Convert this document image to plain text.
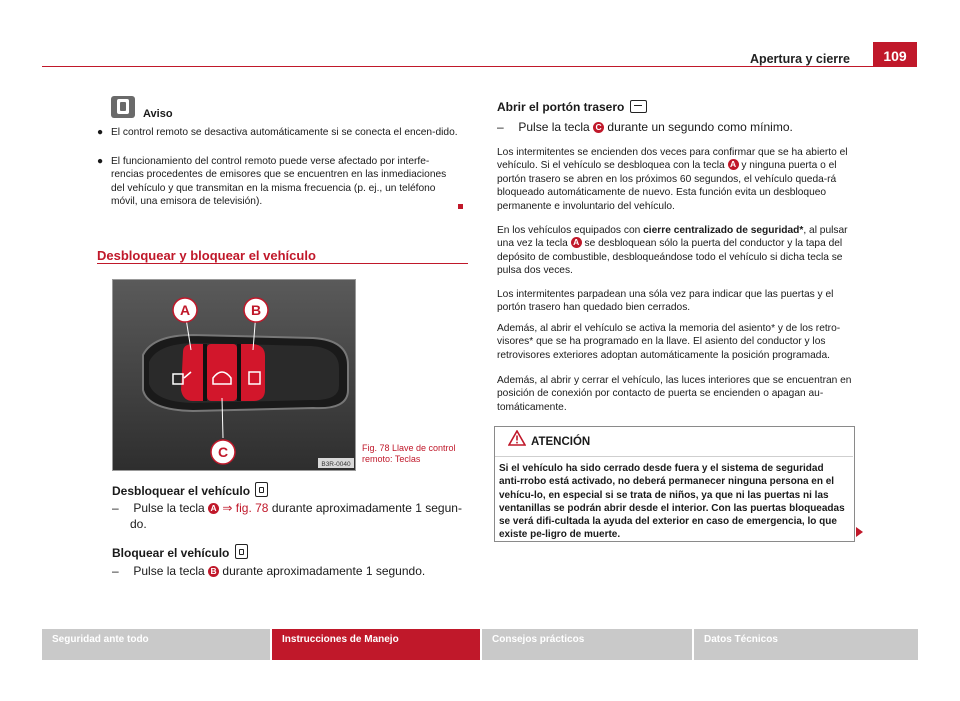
Apertura y cierre	109
Aviso
● El control remoto se desactiva automáticamente si se conecta el encen-dido.
● El funcionamiento del control remoto puede verse afectado por interfe-rencias procedentes de emisores que se encuentren en las inmediaciones del vehículo y que transmitan en la misma frecuencia (p. ej., un teléfono móvil, una emisora de televisión).
Desbloquear y bloquear el vehículo
A	B
C
B3R-0040
Fig. 78 Llave de control remoto: Teclas
Desbloquear el vehículo
– Pulse la tecla A ⇒ fig. 78 durante aproximadamente 1 segun-
do.
Bloquear el vehículo
– Pulse la tecla B durante aproximadamente 1 segundo.
Abrir el portón trasero
– Pulse la tecla C durante un segundo como mínimo.
Los intermitentes se encienden dos veces para confirmar que se ha abierto el vehículo. Si el vehículo se desbloquea con la tecla A y ninguna puerta o el portón trasero se abren en los próximos 60 segundos, el vehículo queda-rá bloqueado automáticamente de nuevo. Esta función evita un desbloqueo permanente e involuntario del vehículo.
En los vehículos equipados con cierre centralizado de seguridad*, al pulsar una vez la tecla A se desbloquean sólo la puerta del conductor y la tapa del depósito de combustible, desbloqueándose todo el vehículo si dicha tecla se pulsa dos veces.
Los intermitentes parpadean una sóla vez para indicar que las puertas y el portón trasero han quedado bien cerrados.
Además, al abrir el vehículo se activa la memoria del asiento* y de los retro-visores* que se ha programado en la llave. El asiento del conductor y los retrovisores exteriores adoptan automáticamente la posición programada.
Además, al abrir y cerrar el vehículo, las luces interiores que se encuentran en posición de conexión por contacto de puerta se encienden o apagan au-tomáticamente.
ATENCIÓN
Si el vehículo ha sido cerrado desde fuera y el sistema de seguridad anti-rrobo está activado, no deberá permanecer ninguna persona en el vehícu-lo, en especial si se trata de niños, ya que ni las puertas ni las ventanillas se podrán abrir desde el interior. Con las puertas bloqueadas se verá difi-cultada la ayuda del exterior en caso de emergencia, lo que existe pe-ligro de muerte.
Seguridad ante todo	Instrucciones de Manejo	Consejos prácticos	Datos Técnicos
